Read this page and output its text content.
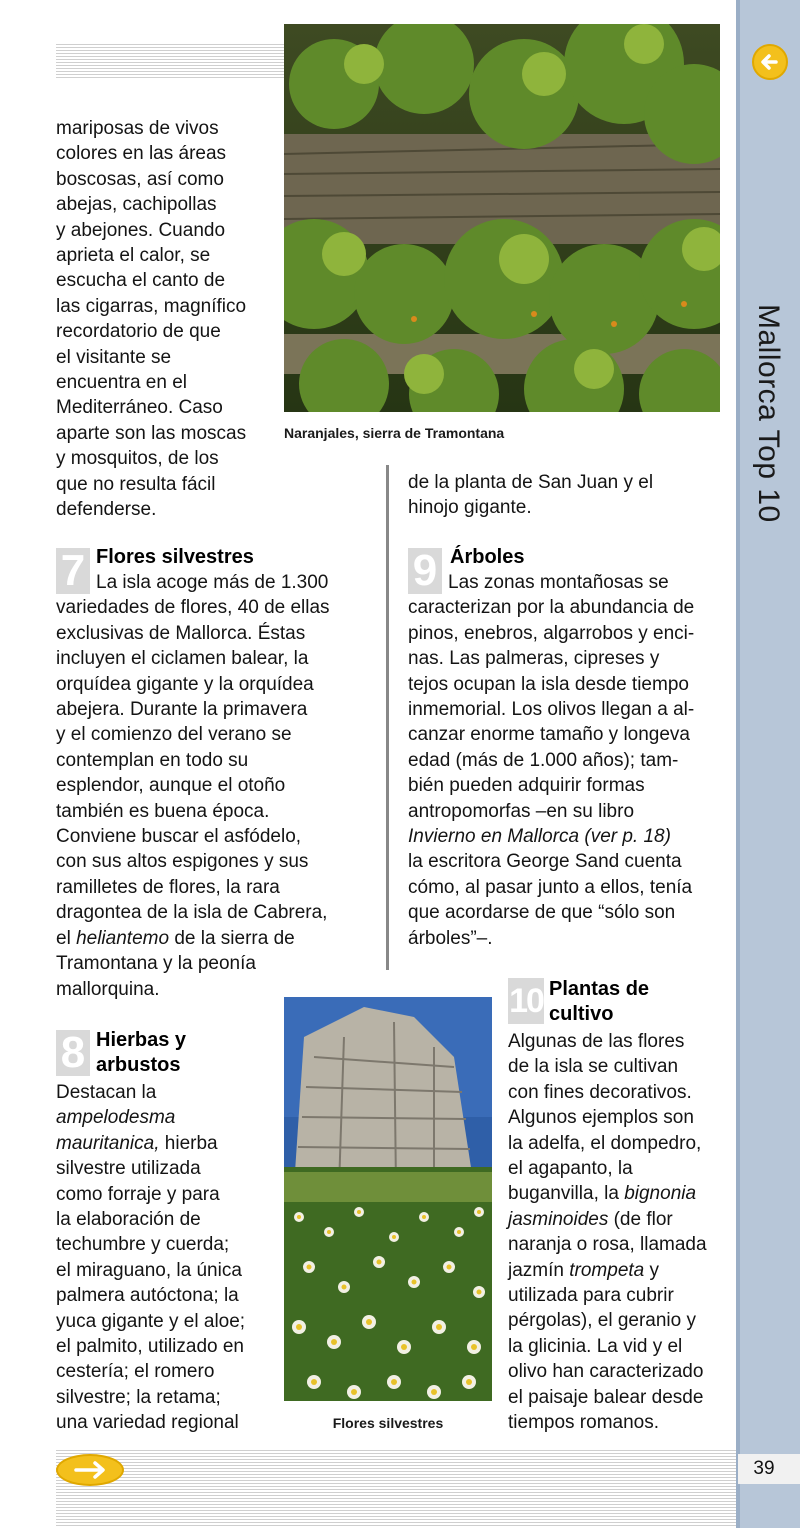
Mallorca Top 10
39
Naranjales, sierra de Tramontana
mariposas de vivos
colores en las áreas
boscosas, así como
abejas, cachipollas
y abejones. Cuando
aprieta el calor, se
escucha el canto de
las cigarras, magnífico
recordatorio de que
el visitante se
encuentra en el
Mediterráneo. Caso
aparte son las moscas
y mosquitos, de los
que no resulta fácil
defenderse.
de la planta de San Juan y el
hinojo gigante.
7 Flores silvestres
La isla acoge más de 1.300
variedades de flores, 40 de ellas
exclusivas de Mallorca. Éstas
incluyen el ciclamen balear, la
orquídea gigante y la orquídea
abejera. Durante la primavera
y el comienzo del verano se
contemplan en todo su
esplendor, aunque el otoño
también es buena época.
Conviene buscar el asfódelo,
con sus altos espigones y sus
ramilletes de flores, la rara
dragontea de la isla de Cabrera,
el heliantemo de la sierra de
Tramontana y la peonía
mallorquina.
8 Hierbas y
arbustos
Destacan la
ampelodesma
mauritanica, hierba
silvestre utilizada
como forraje y para
la elaboración de
techumbre y cuerda;
el miraguano, la única
palmera autóctona; la
yuca gigante y el aloe;
el palmito, utilizado en
cestería; el romero
silvestre; la retama;
una variedad regional
9 Árboles
Las zonas montañosas se
caracterizan por la abundancia de
pinos, enebros, algarrobos y enci-
nas. Las palmeras, cipreses y
tejos ocupan la isla desde tiempo
inmemorial. Los olivos llegan a al-
canzar enorme tamaño y longeva
edad (más de 1.000 años); tam-
bién pueden adquirir formas
antropomorfas –en su libro
Invierno en Mallorca (ver p. 18)
la escritora George Sand cuenta
cómo, al pasar junto a ellos, tenía
que acordarse de que “sólo son
árboles”–.
Flores silvestres
10 Plantas de
cultivo
Algunas de las flores
de la isla se cultivan
con fines decorativos.
Algunos ejemplos son
la adelfa, el dompedro,
el agapanto, la
buganvilla, la bignonia
jasminoides (de flor
naranja o rosa, llamada
jazmín trompeta y
utilizada para cubrir
pérgolas), el geranio y
la glicinia. La vid y el
olivo han caracterizado
el paisaje balear desde
tiempos romanos.
